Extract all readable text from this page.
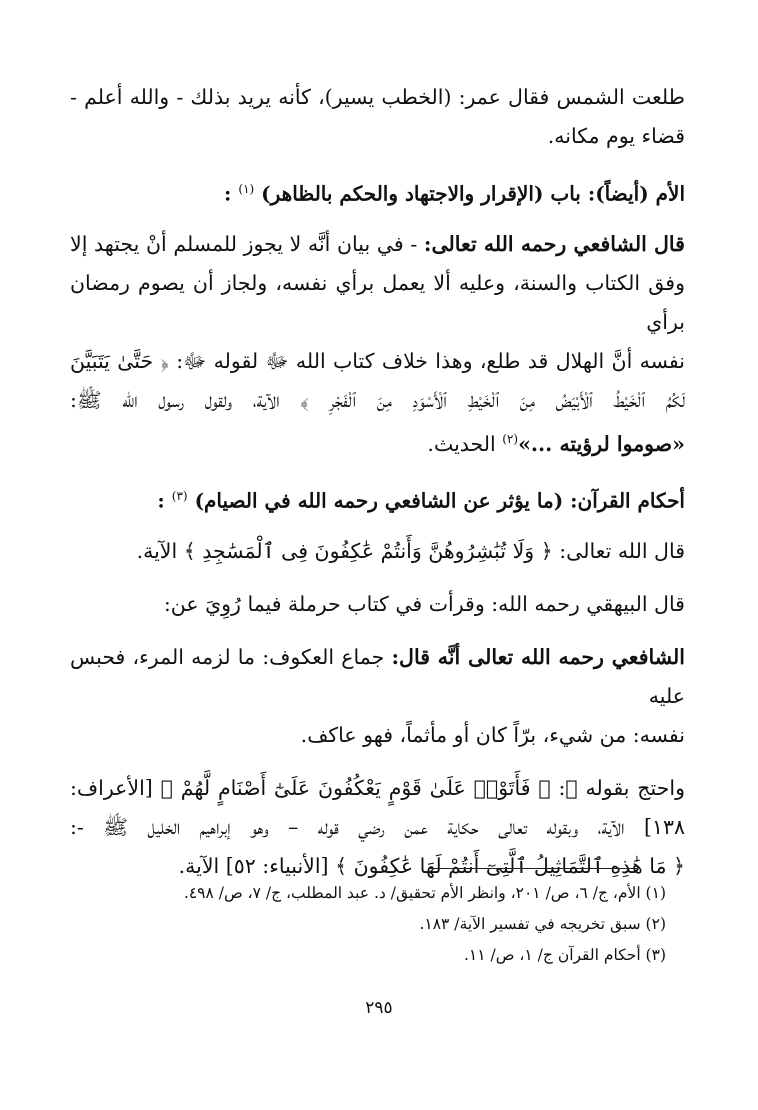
طلعت الشمس فقال عمر: (الخطب يسير)، كأنه يريد بذلك - والله أعلم -
قضاء يوم مكانه.

الأم (أيضاً): باب (الإقرار والاجتهاد والحكم بالظاهر) $^{(١)}$ :

قال الشافعي رحمه الله تعالى: - في بيان أنَّه لا يجوز للمسلم أنْ يجتهد إلا
وفق الكتاب والسنة، وعليه ألا يعمل برأي نفسه، ولجاز أن يصوم رمضان برأي
نفسه أنَّ الهلال قد طلع، وهذا خلاف كتاب الله ﷻ لقوله ﷻ: ﴿ حَتَّىٰ يَتَبَيَّنَ
لَكُمُ ٱلْخَيْطُ ٱلْأَبْيَضُ مِنَ ٱلْخَيْطِ ٱلْأَسْوَدِ مِنَ ٱلْفَجْرِ ﴾ الآية، ولقول رسول الله ﷺ:
«صوموا لرؤيته ...»$^{(٢)}$ الحديث.

أحكام القرآن: (ما يؤثر عن الشافعي رحمه الله في الصيام) $^{(٣)}$ :

قال الله تعالى: ﴿ وَلَا تُبَٰشِرُوهُنَّ وَأَنتُمْ عَٰكِفُونَ فِى ٱلْمَسَٰجِدِ ﴾ الآية.

قال البيهقي رحمه الله: وقرأت في كتاب حرملة فيما رُوِيَ عن:

الشافعي رحمه الله تعالى أنَّه قال: جماع العكوف: ما لزمه المرء، فحبس عليه
نفسه: من شيء، برّاً كان أو مأثماً، فهو عاكف.

واحتج بقوله ﷻ: ﴿ فَأَتَوْا۟ عَلَىٰ قَوْمٍ يَعْكُفُونَ عَلَىٰٓ أَصْنَامٍ لَّهُمْ ﴾ [الأعراف:
١٣٨] الآية، وبقوله تعالى حكاية عمن رضي قوله – وهو إبراهيم الخليل ﷺ -:
﴿ مَا هَٰذِهِ ٱلتَّمَاثِيلُ ٱلَّتِىٓ أَنتُمْ لَهَا عَٰكِفُونَ ﴾ [الأنبياء: ٥٢] الآية.

(١) الأم، ج/ ٦، ص/ ٢٠١، وانظر الأم تحقيق/ د. عبد المطلب، ج/ ٧، ص/ ٤٩٨.
(٢) سبق تخريجه في تفسير الآية/ ١٨٣.
(٣) أحكام القرآن ج/ ١، ص/ ١١.
٢٩٥
